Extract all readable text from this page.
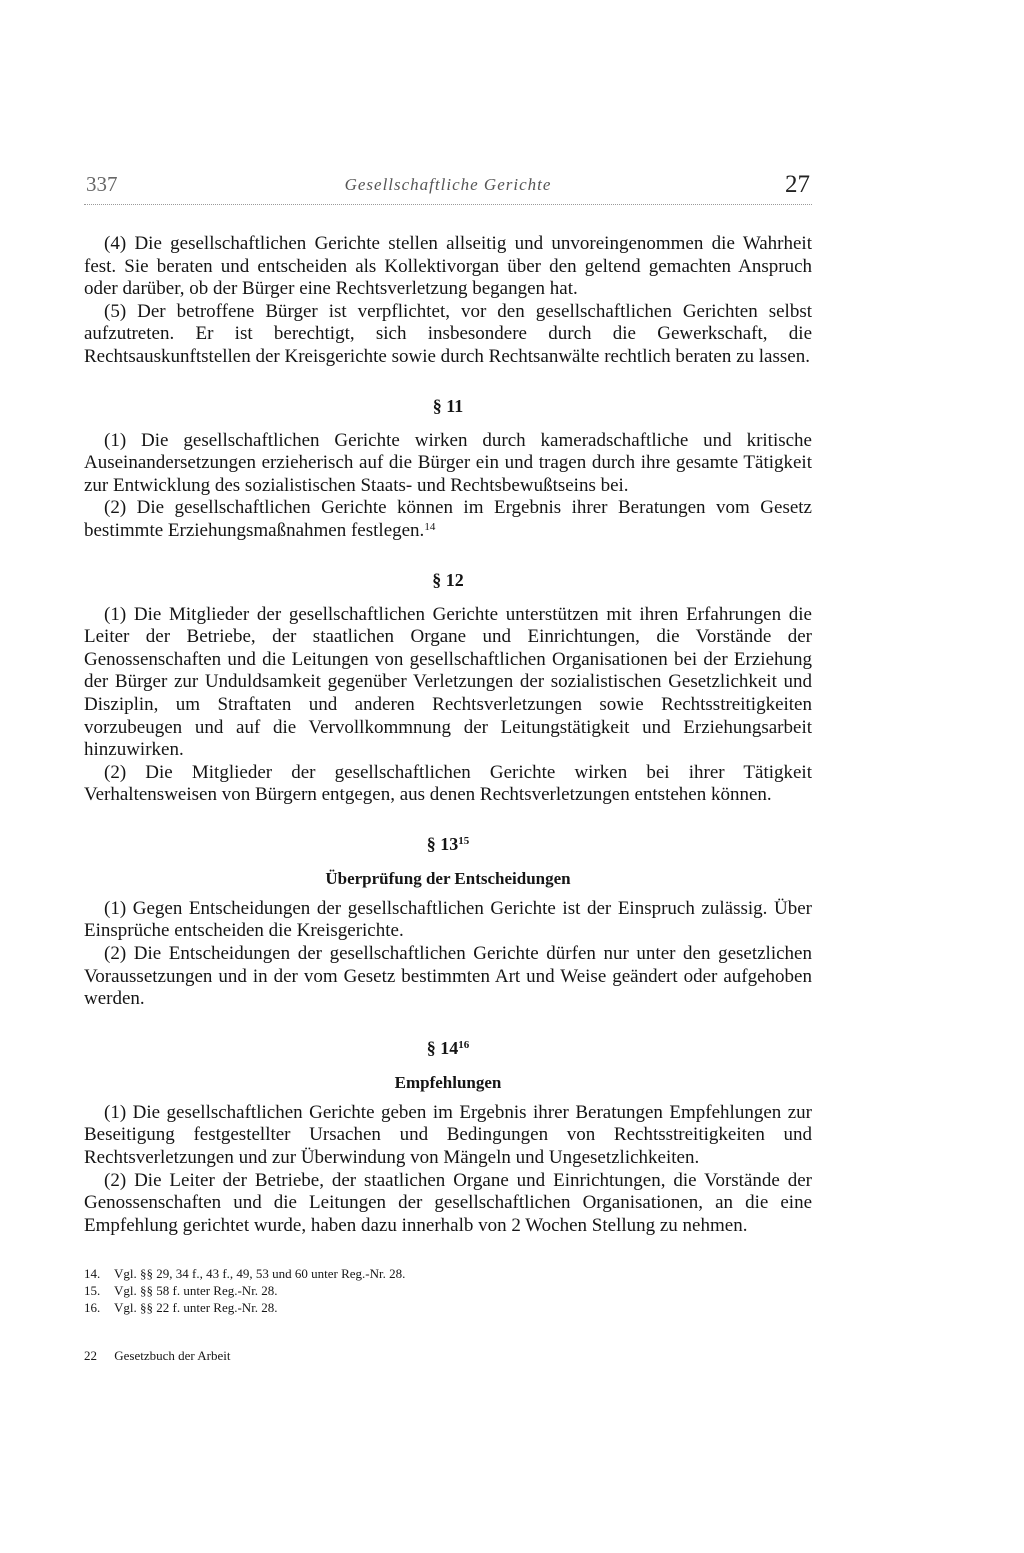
337	Gesellschaftliche Gerichte	27

(4) Die gesellschaftlichen Gerichte stellen allseitig und unvoreingenommen die Wahrheit fest. Sie beraten und entscheiden als Kollektivorgan über den geltend gemachten Anspruch oder darüber, ob der Bürger eine Rechtsverletzung begangen hat.

(5) Der betroffene Bürger ist verpflichtet, vor den gesellschaftlichen Gerichten selbst aufzutreten. Er ist berechtigt, sich insbesondere durch die Gewerkschaft, die Rechtsauskunftstellen der Kreisgerichte sowie durch Rechtsanwälte rechtlich beraten zu lassen.

§ 11

(1) Die gesellschaftlichen Gerichte wirken durch kameradschaftliche und kritische Auseinandersetzungen erzieherisch auf die Bürger ein und tragen durch ihre gesamte Tätigkeit zur Entwicklung des sozialistischen Staats- und Rechtsbewußtseins bei.

(2) Die gesellschaftlichen Gerichte können im Ergebnis ihrer Beratungen vom Gesetz bestimmte Erziehungsmaßnahmen festlegen.$^{14}$

§ 12

(1) Die Mitglieder der gesellschaftlichen Gerichte unterstützen mit ihren Erfahrungen die Leiter der Betriebe, der staatlichen Organe und Einrichtungen, die Vorstände der Genossenschaften und die Leitungen von gesellschaftlichen Organisationen bei der Erziehung der Bürger zur Unduldsamkeit gegenüber Verletzungen der sozialistischen Gesetzlichkeit und Disziplin, um Straftaten und anderen Rechtsverletzungen sowie Rechtsstreitigkeiten vorzubeugen und auf die Vervollkommnung der Leitungstätigkeit und Erziehungsarbeit hinzuwirken.

(2) Die Mitglieder der gesellschaftlichen Gerichte wirken bei ihrer Tätigkeit Verhaltensweisen von Bürgern entgegen, aus denen Rechtsverletzungen entstehen können.

§ $13^{15}$
Überprüfung der Entscheidungen

(1) Gegen Entscheidungen der gesellschaftlichen Gerichte ist der Einspruch zulässig. Über Einsprüche entscheiden die Kreisgerichte.

(2) Die Entscheidungen der gesellschaftlichen Gerichte dürfen nur unter den gesetzlichen Voraussetzungen und in der vom Gesetz bestimmten Art und Weise geändert oder aufgehoben werden.

§ $14^{16}$
Empfehlungen

(1) Die gesellschaftlichen Gerichte geben im Ergebnis ihrer Beratungen Empfehlungen zur Beseitigung festgestellter Ursachen und Bedingungen von Rechtsstreitigkeiten und Rechtsverletzungen und zur Überwindung von Mängeln und Ungesetzlichkeiten.

(2) Die Leiter der Betriebe, der staatlichen Organe und Einrichtungen, die Vorstände der Genossenschaften und die Leitungen der gesellschaftlichen Organisationen, an die eine Empfehlung gerichtet wurde, haben dazu innerhalb von 2 Wochen Stellung zu nehmen.

14.	Vgl. §§ 29, 34 f., 43 f., 49, 53 und 60 unter Reg.-Nr. 28.
15.	Vgl. §§ 58 f. unter Reg.-Nr. 28.
16.	Vgl. §§ 22 f. unter Reg.-Nr. 28.
22 Gesetzbuch der Arbeit
